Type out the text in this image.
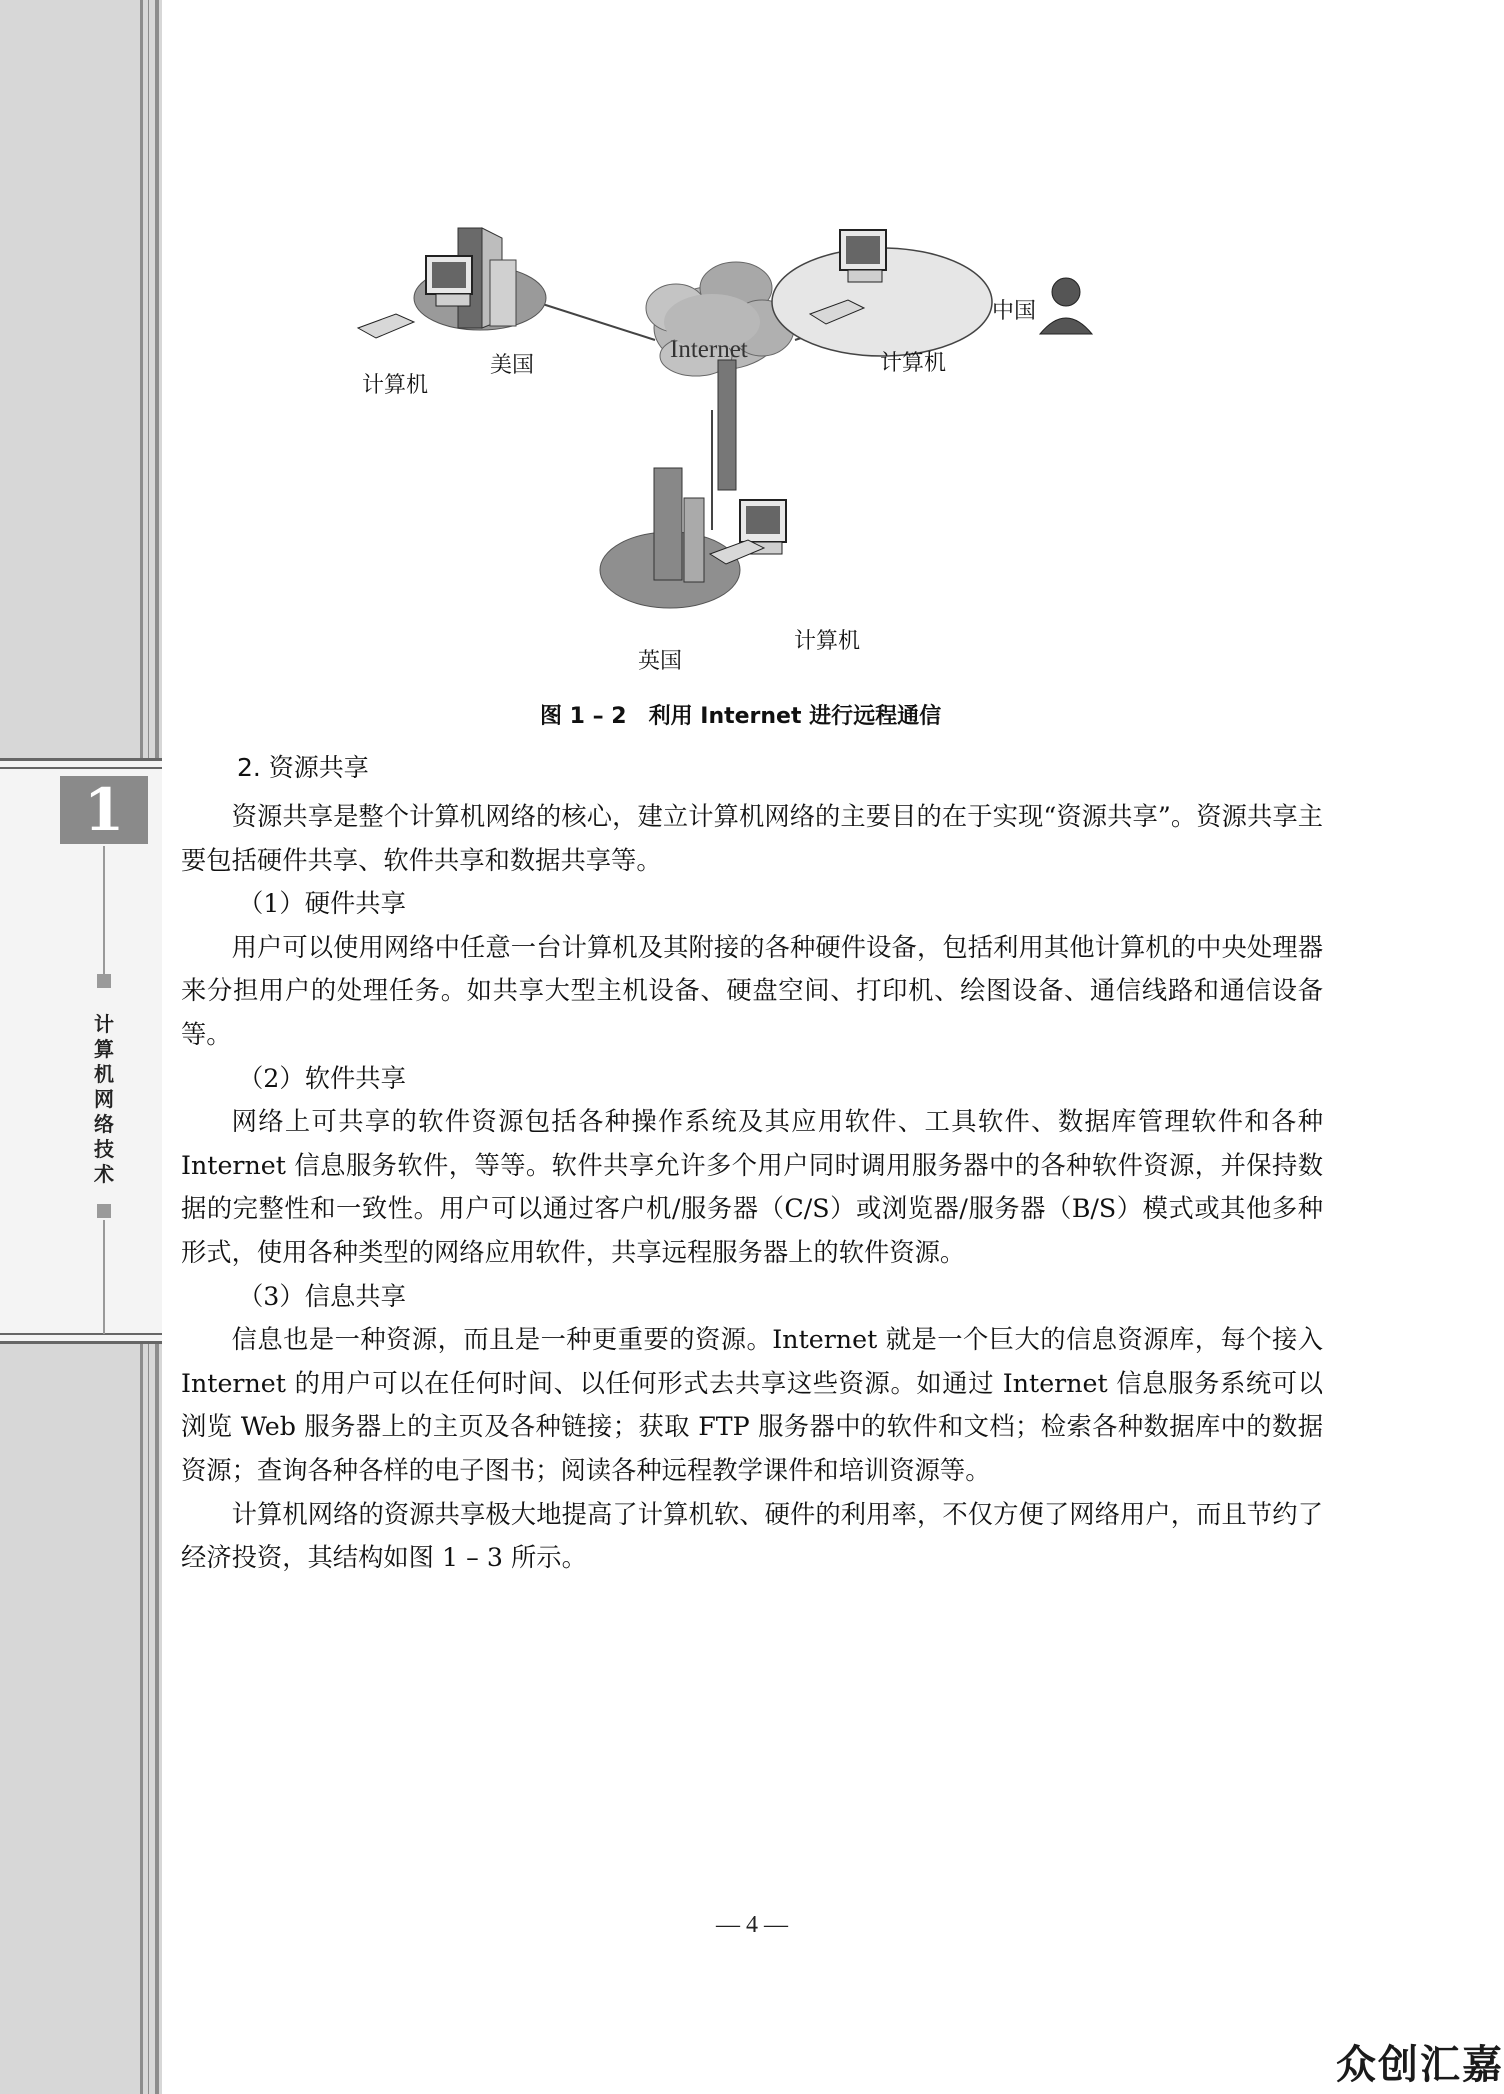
1
计
算
机
网
络
技
术
Internet
美国
计算机
中国
计算机
计算机
英国
图 1 – 2　利用 Internet 进行远程通信
2. 资源共享

资源共享是整个计算机网络的核心，建立计算机网络的主要目的在于实现“资源共享”。资源共享主要包括硬件共享、软件共享和数据共享等。

（1）硬件共享

用户可以使用网络中任意一台计算机及其附接的各种硬件设备，包括利用其他计算机的中央处理器来分担用户的处理任务。如共享大型主机设备、硬盘空间、打印机、绘图设备、通信线路和通信设备等。

（2）软件共享

网络上可共享的软件资源包括各种操作系统及其应用软件、工具软件、数据库管理软件和各种 Internet 信息服务软件，等等。软件共享允许多个用户同时调用服务器中的各种软件资源，并保持数据的完整性和一致性。用户可以通过客户机/服务器（C/S）或浏览器/服务器（B/S）模式或其他多种形式，使用各种类型的网络应用软件，共享远程服务器上的软件资源。

（3）信息共享

信息也是一种资源，而且是一种更重要的资源。Internet 就是一个巨大的信息资源库，每个接入 Internet 的用户可以在任何时间、以任何形式去共享这些资源。如通过 Internet 信息服务系统可以浏览 Web 服务器上的主页及各种链接；获取 FTP 服务器中的软件和文档；检索各种数据库中的数据资源；查询各种各样的电子图书；阅读各种远程教学课件和培训资源等。

计算机网络的资源共享极大地提高了计算机软、硬件的利用率，不仅方便了网络用户，而且节约了经济投资，其结构如图 1 – 3 所示。

— 4 —
众创汇嘉
